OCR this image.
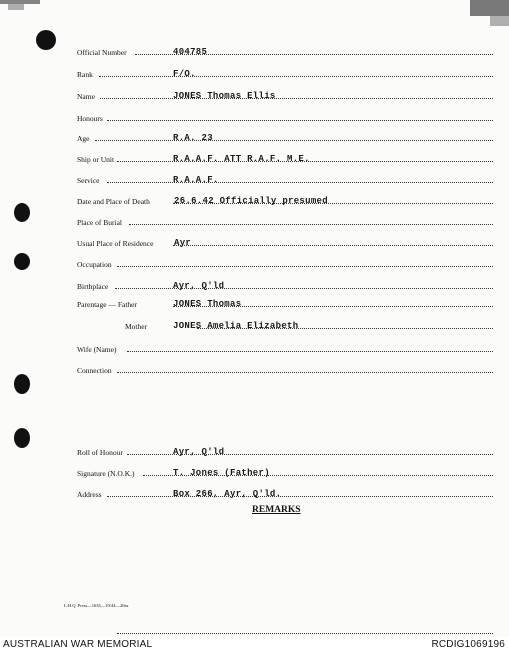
Official Number	404785
Rank	F/O.
Name	JONES Thomas Ellis
Honours
Age	R.A. 23
Ship or Unit	R.A.A.F. ATT R.A.F. M.E.
Service	R.A.A.F.
Date and Place of Death	26.6.42 Officially presumed
Place of Burial
Usual Place of Residence Ayr
Occupation
Birthplace	Ayr, Q'ld
Parentage — Father	JONES Thomas
Mother	JONES Amelia Elizabeth
Wife (Name)
Connection
Roll of Honour	Ayr, Q'ld
Signature (N.O.K.)	T. Jones (Father)
Address	Box 266, Ayr, Q'ld.
REMARKS
L.H.Q. Press—1635—10/44—20m.
AUSTRALIAN WAR MEMORIAL	RCDIG1069196
